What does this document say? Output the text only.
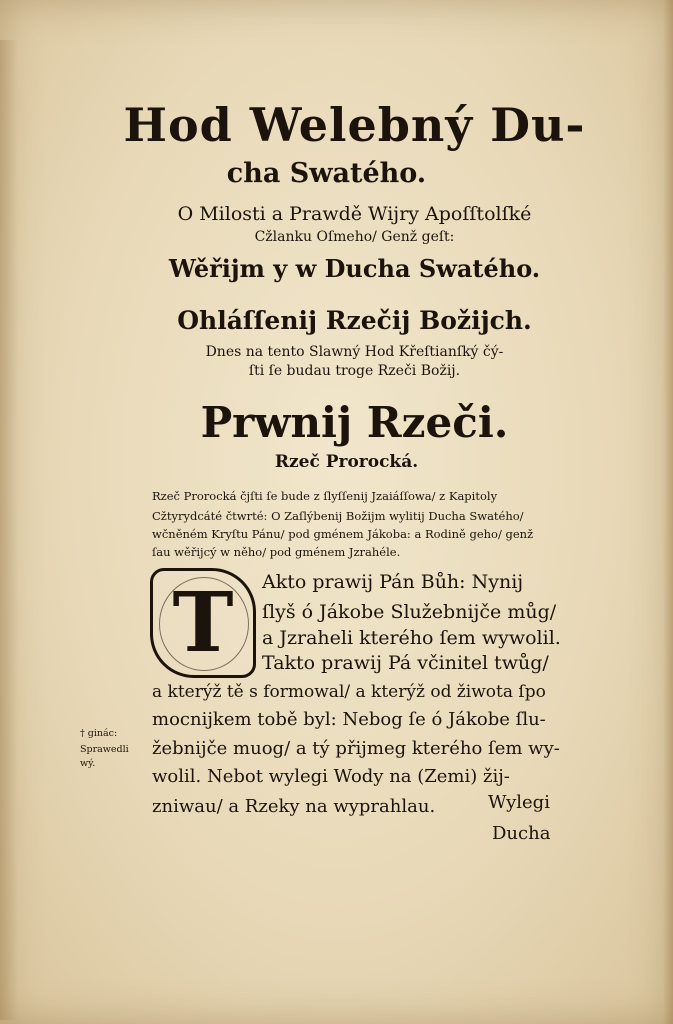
Hod Welebný Du-
cha Swatého.
O Milosti a Prawdě Wijry Apoſſtolſké
Cžlanku Oſmeho/ Genž geſt:
Wěřijm y w Ducha Swatého.
Ohláſſenij Rzečij Božijch.
Dnes na tento Slawný Hod Křeſtianſký čý-
ſti ſe budau troge Rzeči Božij.
Prwnij Rzeči.
Rzeč Prorocká.
Rzeč Prorocká čjſti ſe bude z ſlyſſenij Jzaiáſſowa/ z Kapitoly
Cžtyrydcáté čtwrté: O Zaſlýbenij Božijm wylitij Ducha Swatého/
wčněném Kryſtu Pánu/ pod gménem Jákoba: a Rodině geho/ genž
ſau wěřijcý w něho/ pod gménem Jzrahéle.
T	Akto prawij Pán Bůh: Nynij
ſlyš ó Jákobe Služebnijče můg/
a Jzraheli kterého ſem wywolil.
Takto prawij Pá včinitel twůg/
a kterýž tě s formowal/ a kterýž od žiwota ſpo
mocnijkem tobě byl: Nebog ſe ó Jákobe ſlu-
žebnijče muog/ a tý přijmeg kterého ſem wy-
wolil. Nebot wylegi Wody na (Zemi) žij-
zniwau/ a Rzeky na wyprahlau.	Wylegi
Ducha
† ginác:
Sprawedli
wý.
